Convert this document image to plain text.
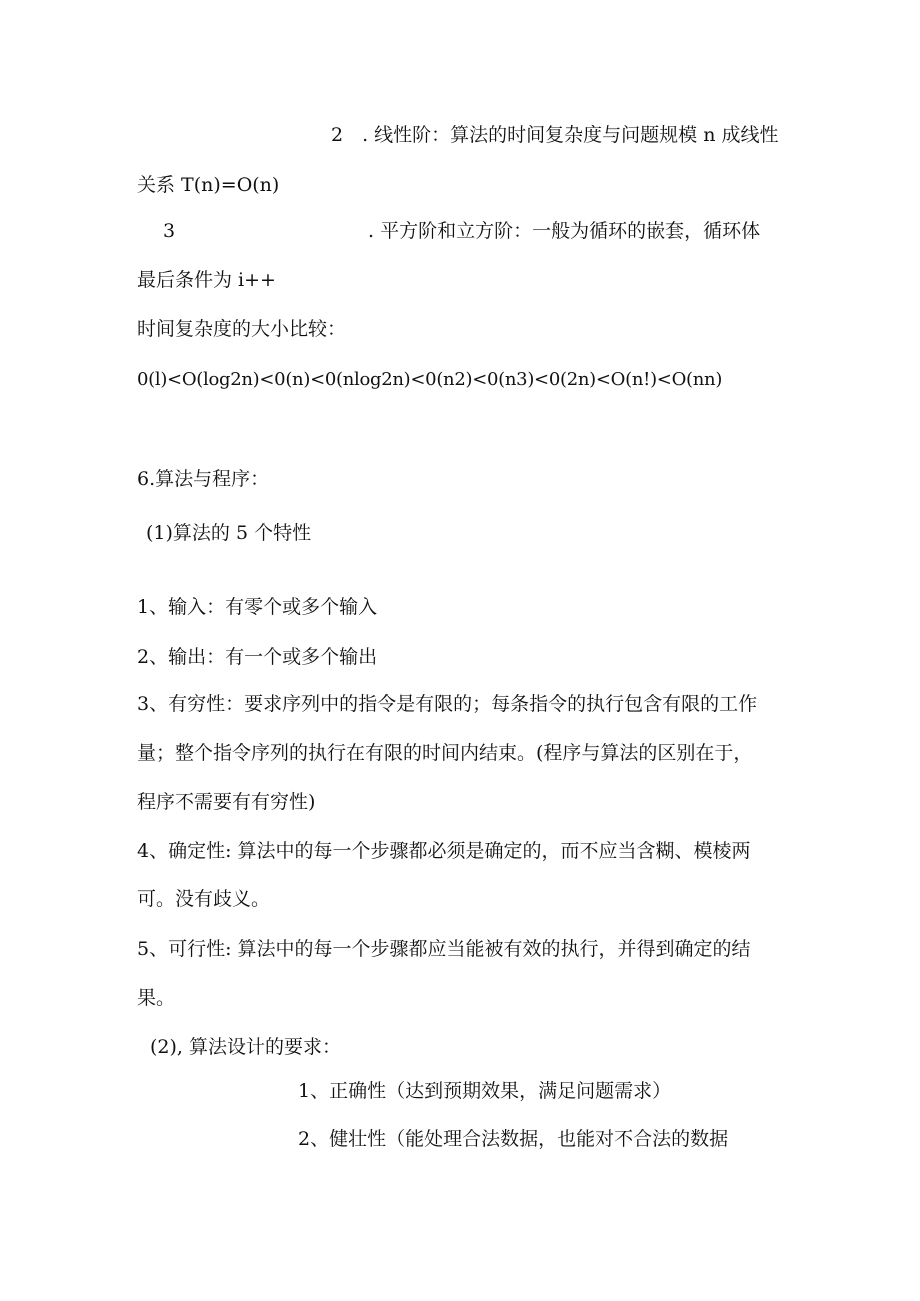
2　. 线性阶：算法的时间复杂度与问题规模 n 成线性
关系 T(n)=O(n)
3	. 平方阶和立方阶：一般为循环的嵌套，循环体
最后条件为 i++
时间复杂度的大小比较：
0(l)<O(log2n)<0(n)<0(nlog2n)<0(n2)<0(n3)<0(2n)<O(n!)<O(nn)
6.算法与程序：
(1)算法的 5 个特性
1、输入：有零个或多个输入
2、输出：有一个或多个输出
3、有穷性：要求序列中的指令是有限的；每条指令的执行包含有限的工作
量；整个指令序列的执行在有限的时间内结束。(程序与算法的区别在于，
程序不需要有有穷性)
4、确定性: 算法中的每一个步骤都必须是确定的，而不应当含糊、模棱两
可。没有歧义。
5、可行性: 算法中的每一个步骤都应当能被有效的执行，并得到确定的结
果。
(2), 算法设计的要求：
1、正确性（达到预期效果，满足问题需求）
2、健壮性（能处理合法数据，也能对不合法的数据
